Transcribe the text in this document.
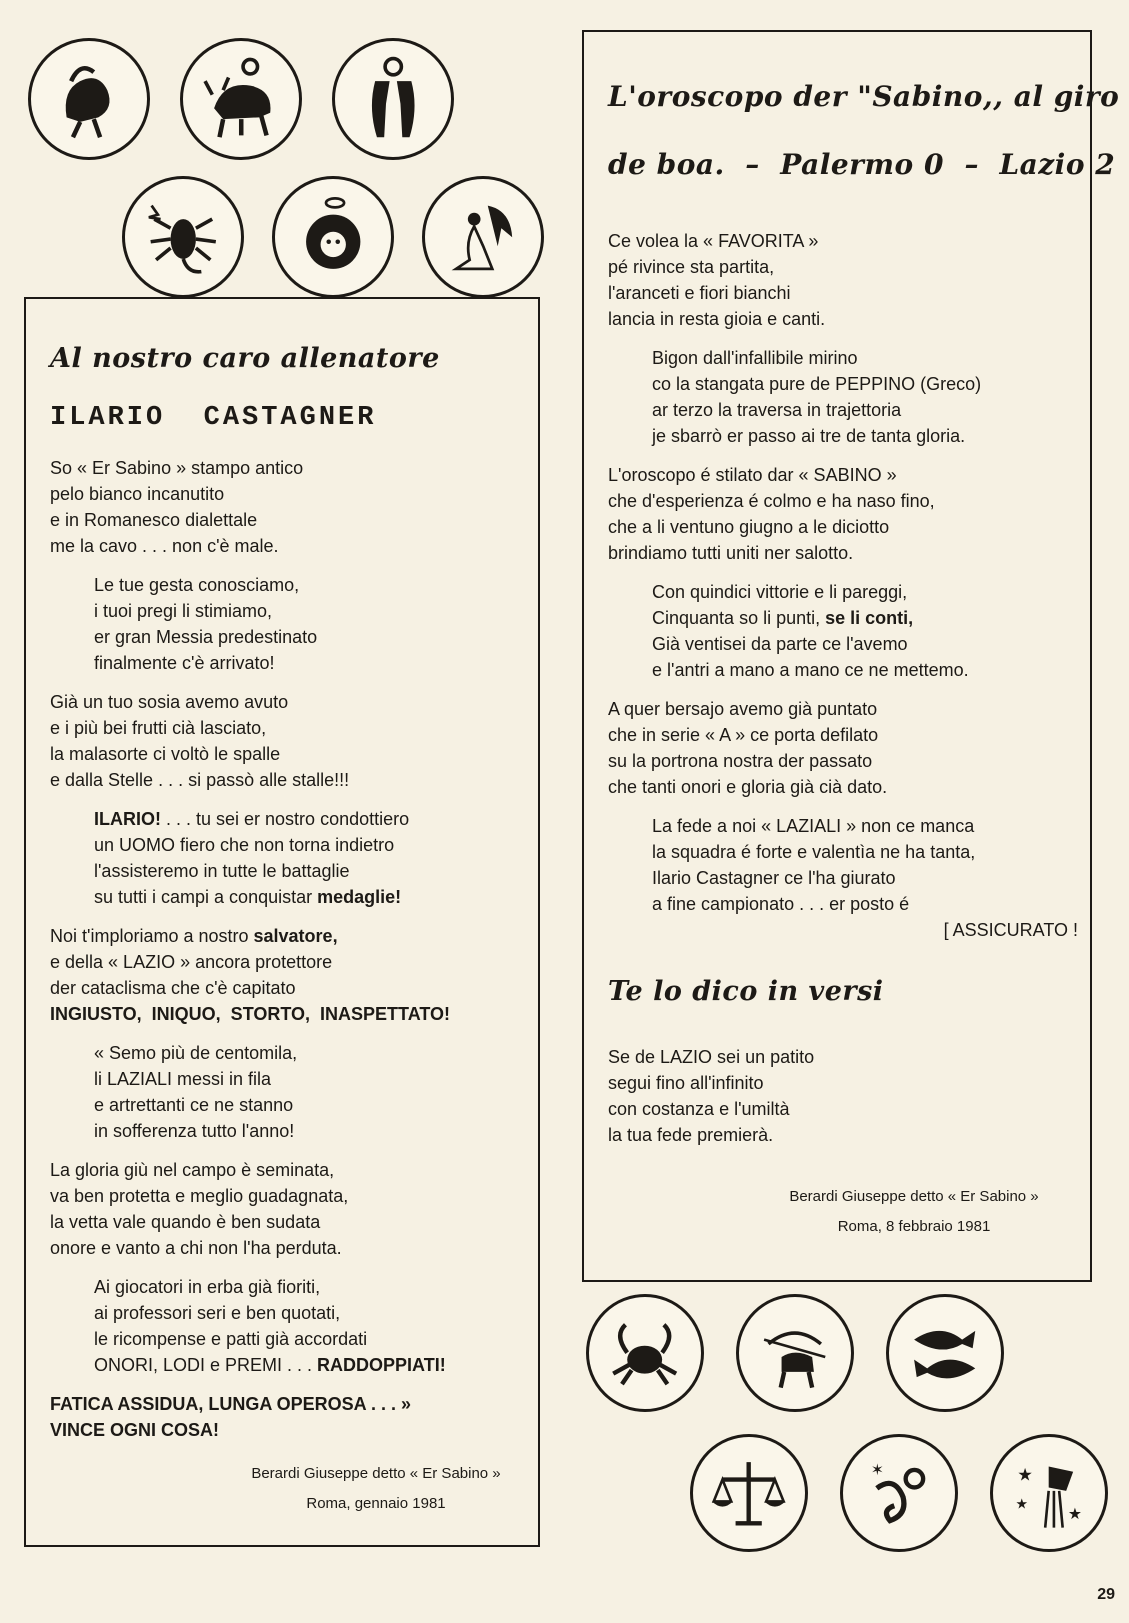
Al nostro caro allenatore
ILARIO  CASTAGNER
So « Er Sabino » stampo antico
pelo bianco incanutito
e in Romanesco dialettale
me la cavo . . . non c'è male.
Le tue gesta conosciamo,
i tuoi pregi li stimiamo,
er gran Messia predestinato
finalmente c'è arrivato!
Già un tuo sosia avemo avuto
e i più bei frutti cià lasciato,
la malasorte ci voltò le spalle
e dalla Stelle . . . si passò alle stalle!!!
ILARIO! . . . tu sei er nostro condottiero
un UOMO fiero che non torna indietro
l'assisteremo in tutte le battaglie
su tutti i campi a conquistar medaglie!
Noi t'imploriamo a nostro salvatore,
e della « LAZIO » ancora protettore
der cataclisma che c'è capitato
INGIUSTO,  INIQUO,  STORTO,  INASPETTATO!
« Semo più de centomila,
li LAZIALI messi in fila
e artrettanti ce ne stanno
in sofferenza tutto l'anno!
La gloria giù nel campo è seminata,
va ben protetta e meglio guadagnata,
la vetta vale quando è ben sudata
onore e vanto a chi non l'ha perduta.
Ai giocatori in erba già fioriti,
ai professori seri e ben quotati,
le ricompense e patti già accordati
ONORI, LODI e PREMI . . . RADDOPPIATI!
FATICA ASSIDUA, LUNGA OPEROSA . . . »
VINCE OGNI COSA!
Berardi Giuseppe detto « Er Sabino »
Roma, gennaio 1981
L'oroscopo der "Sabino,, al giro
de boa.  –  Palermo 0  –  Lazio 2
Ce volea la « FAVORITA »
pé rivince sta partita,
l'aranceti e fiori bianchi
lancia in resta gioia e canti.
Bigon dall'infallibile mirino
co la stangata pure de PEPPINO (Greco)
ar terzo la traversa in trajettoria
je sbarrò er passo ai tre de tanta gloria.
L'oroscopo é stilato dar « SABINO »
che d'esperienza é colmo e ha naso fino,
che a li ventuno giugno a le diciotto
brindiamo tutti uniti ner salotto.
Con quindici vittorie e li pareggi,
Cinquanta so li punti, se li conti,
Già ventisei da parte ce l'avemo
e l'antri a mano a mano ce ne mettemo.
A quer bersajo avemo già puntato
che in serie « A » ce porta defilato
su la portrona nostra der passato
che tanti onori e gloria già cià dato.
La fede a noi « LAZIALI » non ce manca
la squadra é forte e valentìa ne ha tanta,
Ilario Castagner ce l'ha giurato
a fine campionato . . . er posto é
[ ASSICURATO !
Te lo dico in versi
Se de LAZIO sei un patito
segui fino all'infinito
con costanza e l'umiltà
la tua fede premierà.
Berardi Giuseppe detto « Er Sabino »
Roma, 8 febbraio 1981
✶	★
★
★
29
